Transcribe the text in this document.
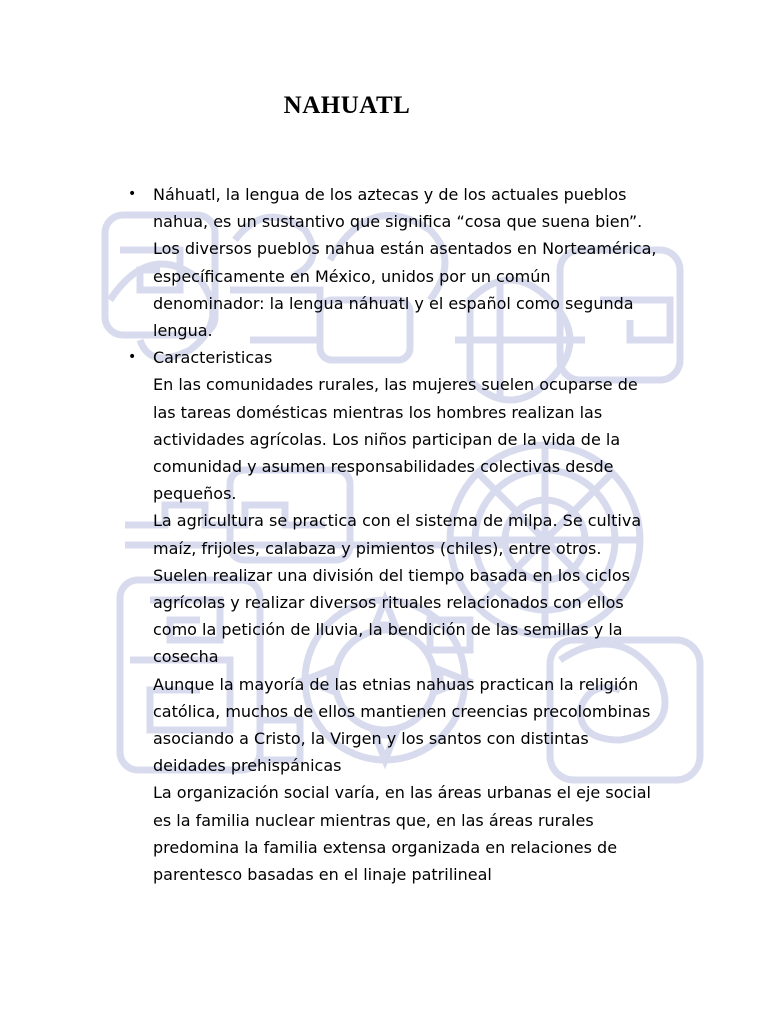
NAHUATL
• Náhuatl, la lengua de los aztecas y de los actuales pueblos
nahua, es un sustantivo que significa “cosa que suena bien”.
Los diversos pueblos nahua están asentados en Norteamérica,
específicamente en México, unidos por un común
denominador: la lengua náhuatl y el español como segunda
lengua.

• Caracteristicas
En las comunidades rurales, las mujeres suelen ocuparse de
las tareas domésticas mientras los hombres realizan las
actividades agrícolas. Los niños participan de la vida de la
comunidad y asumen responsabilidades colectivas desde
pequeños.
La agricultura se practica con el sistema de milpa. Se cultiva
maíz, frijoles, calabaza y pimientos (chiles), entre otros.
Suelen realizar una división del tiempo basada en los ciclos
agrícolas y realizar diversos rituales relacionados con ellos
como la petición de lluvia, la bendición de las semillas y la
cosecha
Aunque la mayoría de las etnias nahuas practican la religión
católica, muchos de ellos mantienen creencias precolombinas
asociando a Cristo, la Virgen y los santos con distintas
deidades prehispánicas
La organización social varía, en las áreas urbanas el eje social
es la familia nuclear mientras que, en las áreas rurales
predomina la familia extensa organizada en relaciones de
parentesco basadas en el linaje patrilineal
